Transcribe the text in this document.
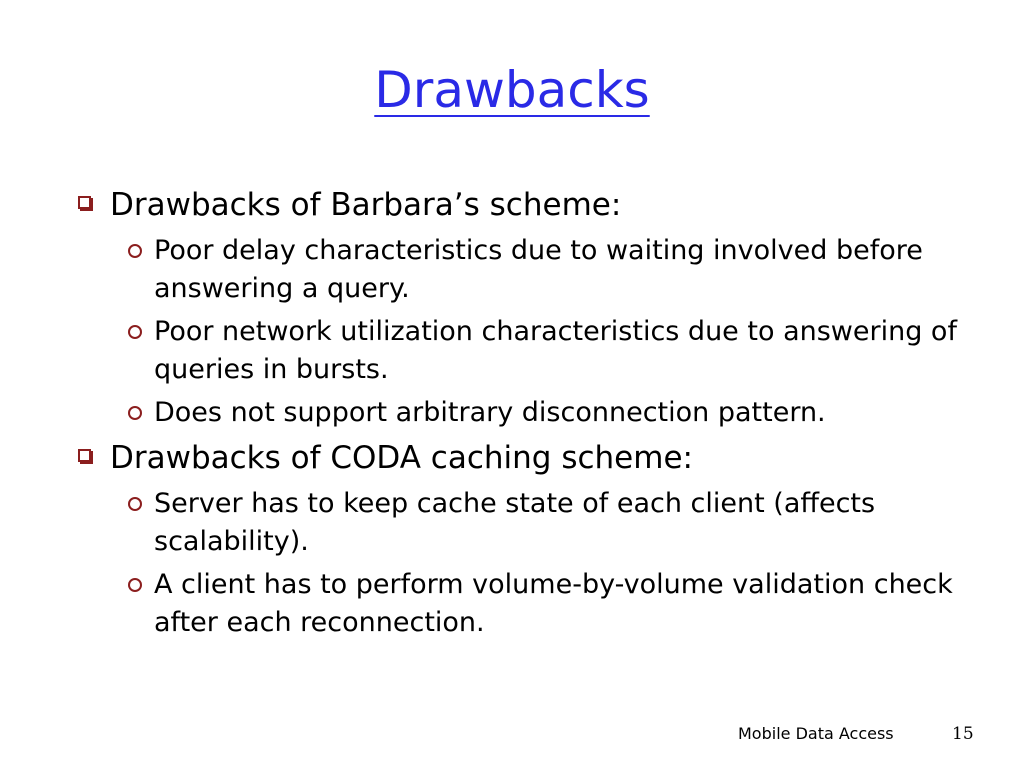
Drawbacks
Drawbacks of Barbara’s scheme:
Poor delay characteristics due to waiting involved before answering a query.
Poor network utilization characteristics due to answering of queries in bursts.
Does not support arbitrary disconnection pattern.
Drawbacks of CODA caching scheme:
Server has to keep cache state of each client (affects scalability).
A client has to perform volume-by-volume validation check after each reconnection.
Mobile Data Access	15
